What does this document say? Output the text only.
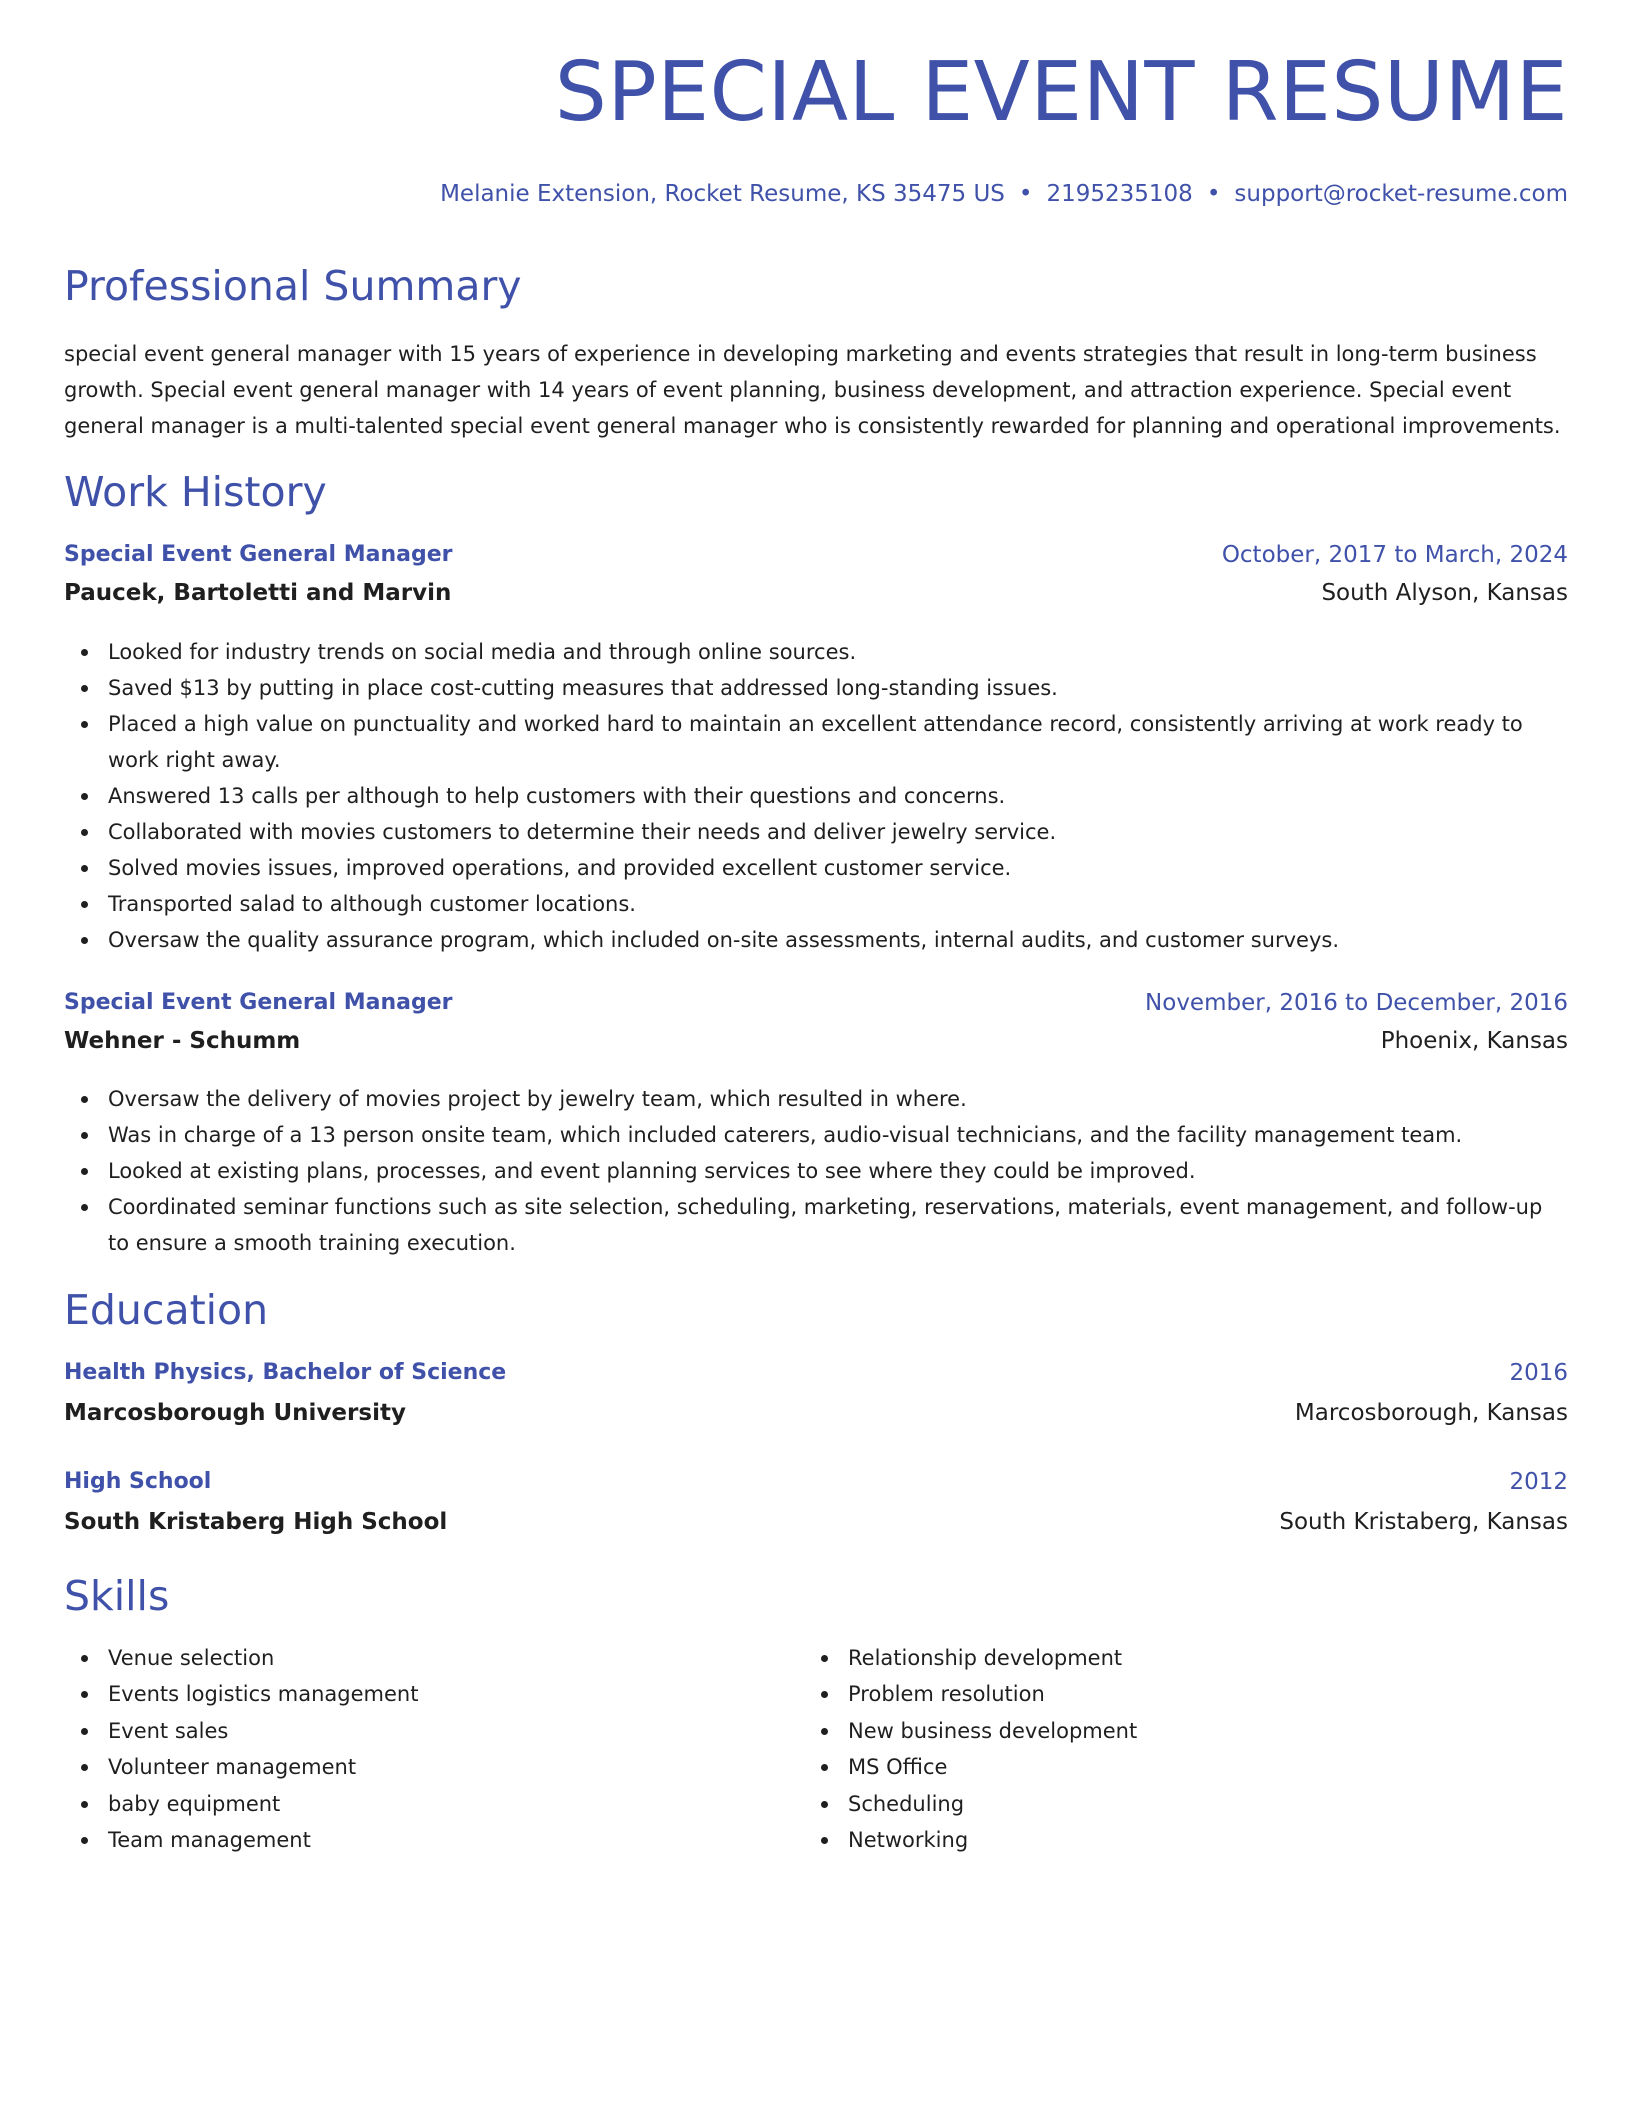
SPECIAL EVENT RESUME
Melanie Extension, Rocket Resume, KS 35475 US • 2195235108 • support@rocket-resume.com
Professional Summary

special event general manager with 15 years of experience in developing marketing and events strategies that result in long-term business growth. Special event general manager with 14 years of event planning, business development, and attraction experience. Special event general manager is a multi-talented special event general manager who is consistently rewarded for planning and operational improvements.

Work History
Special Event General Manager	October, 2017 to March, 2024
Paucek, Bartoletti and Marvin	South Alyson, Kansas
Looked for industry trends on social media and through online sources.
Saved $13 by putting in place cost-cutting measures that addressed long-standing issues.
Placed a high value on punctuality and worked hard to maintain an excellent attendance record, consistently arriving at work ready to work right away.
Answered 13 calls per although to help customers with their questions and concerns.
Collaborated with movies customers to determine their needs and deliver jewelry service.
Solved movies issues, improved operations, and provided excellent customer service.
Transported salad to although customer locations.
Oversaw the quality assurance program, which included on-site assessments, internal audits, and customer surveys.
Special Event General Manager	November, 2016 to December, 2016
Wehner - Schumm	Phoenix, Kansas
Oversaw the delivery of movies project by jewelry team, which resulted in where.
Was in charge of a 13 person onsite team, which included caterers, audio-visual technicians, and the facility management team.
Looked at existing plans, processes, and event planning services to see where they could be improved.
Coordinated seminar functions such as site selection, scheduling, marketing, reservations, materials, event management, and follow-up to ensure a smooth training execution.
Education
Health Physics, Bachelor of Science	2016
Marcosborough University	Marcosborough, Kansas
High School	2012
South Kristaberg High School	South Kristaberg, Kansas
Skills
Venue selection
Events logistics management
Event sales
Volunteer management
baby equipment
Team management
Relationship development
Problem resolution
New business development
MS Office
Scheduling
Networking
